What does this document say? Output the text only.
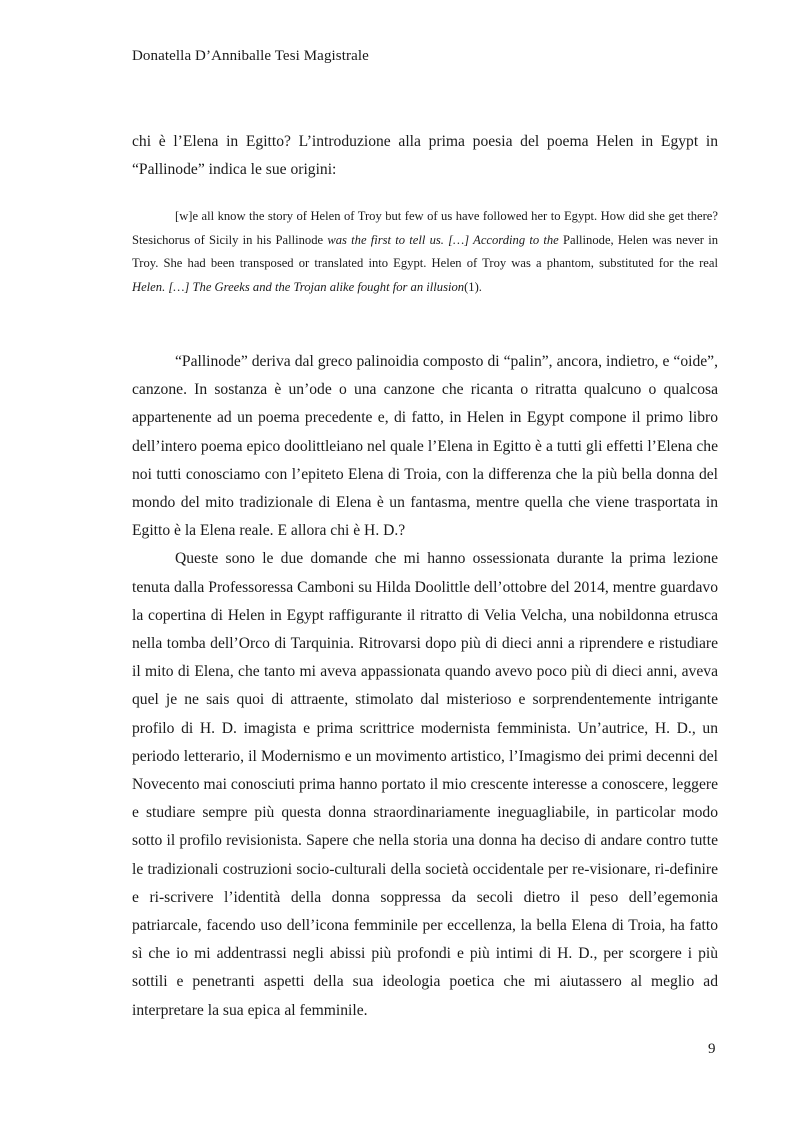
Donatella D’Anniballe Tesi Magistrale

chi è l’Elena in Egitto? L’introduzione alla prima poesia del poema Helen in Egypt in “Pallinode” indica le sue origini:

[w]e all know the story of Helen of Troy but few of us have followed her to Egypt. How did she get there? Stesichorus of Sicily in his Pallinode was the first to tell us. […] According to the Pallinode, Helen was never in Troy. She had been transposed or translated into Egypt. Helen of Troy was a phantom, substituted for the real Helen. […] The Greeks and the Trojan alike fought for an illusion(1).

“Pallinode” deriva dal greco palinoidia composto di “palin”, ancora, indietro, e “oide”, canzone. In sostanza è un’ode o una canzone che ricanta o ritratta qualcuno o qualcosa appartenente ad un poema precedente e, di fatto, in Helen in Egypt compone il primo libro dell’intero poema epico doolittleiano nel quale l’Elena in Egitto è a tutti gli effetti l’Elena che noi tutti conosciamo con l’epiteto Elena di Troia, con la differenza che la più bella donna del mondo del mito tradizionale di Elena è un fantasma, mentre quella che viene trasportata in Egitto è la Elena reale. E allora chi è H. D.?

Queste sono le due domande che mi hanno ossessionata durante la prima lezione tenuta dalla Professoressa Camboni su Hilda Doolittle dell’ottobre del 2014, mentre guardavo la copertina di Helen in Egypt raffigurante il ritratto di Velia Velcha, una nobildonna etrusca nella tomba dell’Orco di Tarquinia. Ritrovarsi dopo più di dieci anni a riprendere e ristudiare il mito di Elena, che tanto mi aveva appassionata quando avevo poco più di dieci anni, aveva quel je ne sais quoi di attraente, stimolato dal misterioso e sorprendentemente intrigante profilo di H. D. imagista e prima scrittrice modernista femminista. Un’autrice, H. D., un periodo letterario, il Modernismo e un movimento artistico, l’Imagismo dei primi decenni del Novecento mai conosciuti prima hanno portato il mio crescente interesse a conoscere, leggere e studiare sempre più questa donna straordinariamente ineguagliabile, in particolar modo sotto il profilo revisionista. Sapere che nella storia una donna ha deciso di andare contro tutte le tradizionali costruzioni socio-culturali della società occidentale per re-visionare, ri-definire e ri-scrivere l’identità della donna soppressa da secoli dietro il peso dell’egemonia patriarcale, facendo uso dell’icona femminile per eccellenza, la bella Elena di Troia, ha fatto sì che io mi addentrassi negli abissi più profondi e più intimi di H. D., per scorgere i più sottili e penetranti aspetti della sua ideologia poetica che mi aiutassero al meglio ad interpretare la sua epica al femminile.

9
